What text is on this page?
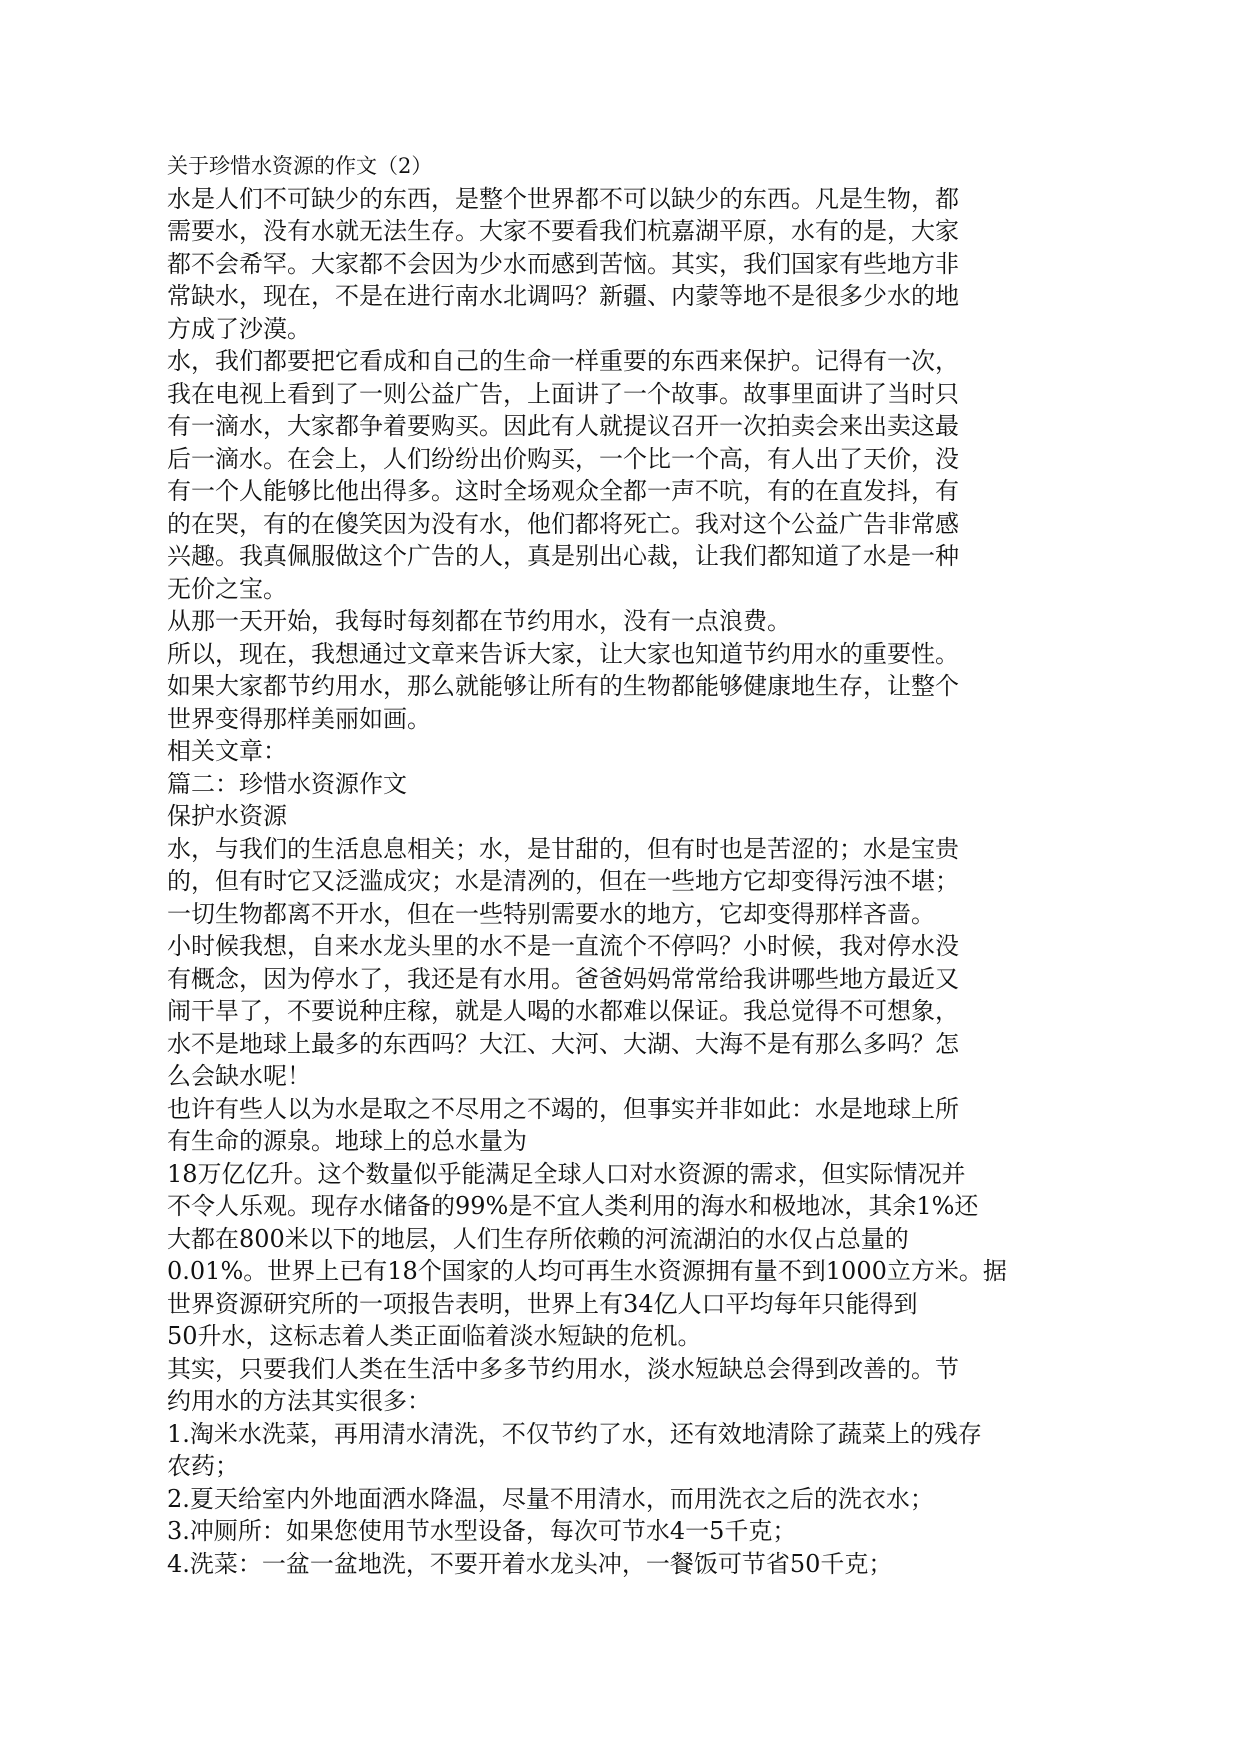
关于珍惜水资源的作文（2）
水是人们不可缺少的东西，是整个世界都不可以缺少的东西。凡是生物，都
需要水，没有水就无法生存。大家不要看我们杭嘉湖平原，水有的是，大家
都不会希罕。大家都不会因为少水而感到苦恼。其实，我们国家有些地方非
常缺水，现在，不是在进行南水北调吗？新疆、内蒙等地不是很多少水的地
方成了沙漠。
水，我们都要把它看成和自己的生命一样重要的东西来保护。记得有一次，
我在电视上看到了一则公益广告，上面讲了一个故事。故事里面讲了当时只
有一滴水，大家都争着要购买。因此有人就提议召开一次拍卖会来出卖这最
后一滴水。在会上，人们纷纷出价购买，一个比一个高，有人出了天价，没
有一个人能够比他出得多。这时全场观众全都一声不吭，有的在直发抖，有
的在哭，有的在傻笑因为没有水，他们都将死亡。我对这个公益广告非常感
兴趣。我真佩服做这个广告的人，真是别出心裁，让我们都知道了水是一种
无价之宝。
从那一天开始，我每时每刻都在节约用水，没有一点浪费。
所以，现在，我想通过文章来告诉大家，让大家也知道节约用水的重要性。
如果大家都节约用水，那么就能够让所有的生物都能够健康地生存，让整个
世界变得那样美丽如画。
相关文章：
篇二：珍惜水资源作文
保护水资源
水，与我们的生活息息相关；水，是甘甜的，但有时也是苦涩的；水是宝贵
的，但有时它又泛滥成灾；水是清冽的，但在一些地方它却变得污浊不堪；
一切生物都离不开水，但在一些特别需要水的地方，它却变得那样吝啬。
小时候我想，自来水龙头里的水不是一直流个不停吗？小时候，我对停水没
有概念，因为停水了，我还是有水用。爸爸妈妈常常给我讲哪些地方最近又
闹干旱了，不要说种庄稼，就是人喝的水都难以保证。我总觉得不可想象，
水不是地球上最多的东西吗？大江、大河、大湖、大海不是有那么多吗？怎
么会缺水呢！
也许有些人以为水是取之不尽用之不竭的，但事实并非如此：水是地球上所
有生命的源泉。地球上的总水量为
18万亿亿升。这个数量似乎能满足全球人口对水资源的需求，但实际情况并
不令人乐观。现存水储备的99%是不宜人类利用的海水和极地冰，其余1%还
大都在800米以下的地层，人们生存所依赖的河流湖泊的水仅占总量的
0.01%。世界上已有18个国家的人均可再生水资源拥有量不到1000立方米。据
世界资源研究所的一项报告表明，世界上有34亿人口平均每年只能得到
50升水，这标志着人类正面临着淡水短缺的危机。
其实，只要我们人类在生活中多多节约用水，淡水短缺总会得到改善的。节
约用水的方法其实很多：
1.淘米水洗菜，再用清水清洗，不仅节约了水，还有效地清除了蔬菜上的残存
农药；
2.夏天给室内外地面洒水降温，尽量不用清水，而用洗衣之后的洗衣水；
3.冲厕所：如果您使用节水型设备，每次可节水4一5千克；
4.洗菜：一盆一盆地洗，不要开着水龙头冲，一餐饭可节省50千克；
